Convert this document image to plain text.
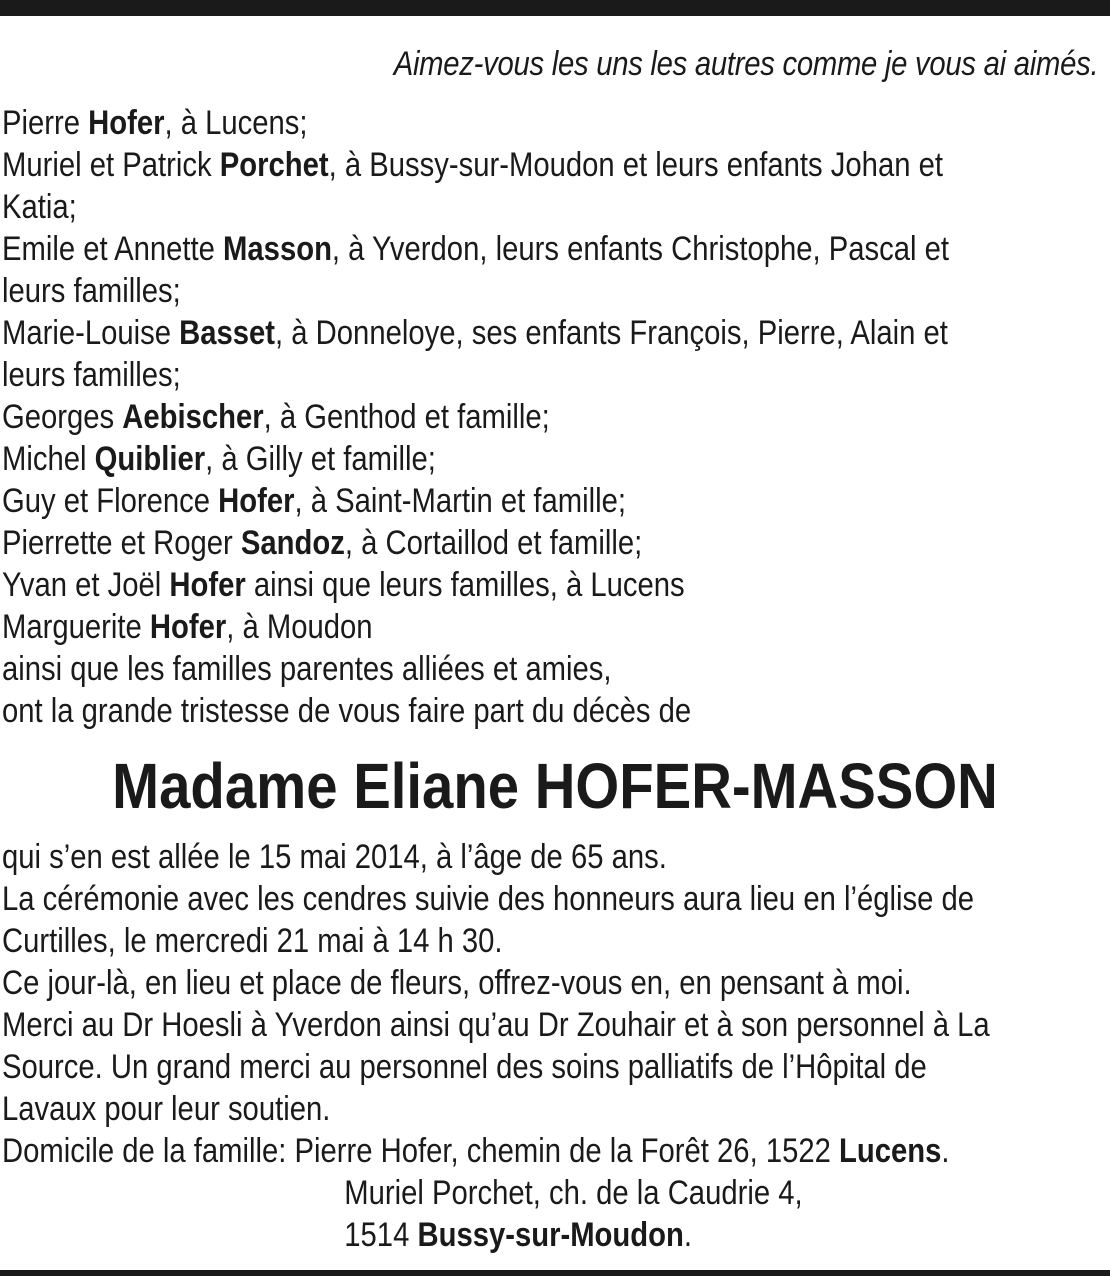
Aimez-vous les uns les autres comme je vous ai aimés.
Pierre Hofer, à Lucens;
Muriel et Patrick Porchet, à Bussy-sur-Moudon et leurs enfants Johan et
Katia;
Emile et Annette Masson, à Yverdon, leurs enfants Christophe, Pascal et
leurs familles;
Marie-Louise Basset, à Donneloye, ses enfants François, Pierre, Alain et
leurs familles;
Georges Aebischer, à Genthod et famille;
Michel Quiblier, à Gilly et famille;
Guy et Florence Hofer, à Saint-Martin et famille;
Pierrette et Roger Sandoz, à Cortaillod et famille;
Yvan et Joël Hofer ainsi que leurs familles, à Lucens
Marguerite Hofer, à Moudon
ainsi que les familles parentes alliées et amies,
ont la grande tristesse de vous faire part du décès de
Madame Eliane HOFER-MASSON
qui s’en est allée le 15 mai 2014, à l’âge de 65 ans.
La cérémonie avec les cendres suivie des honneurs aura lieu en l’église de
Curtilles, le mercredi 21 mai à 14 h 30.
Ce jour-là, en lieu et place de fleurs, offrez-vous en, en pensant à moi.
Merci au Dr Hoesli à Yverdon ainsi qu’au Dr Zouhair et à son personnel à La
Source. Un grand merci au personnel des soins palliatifs de l’Hôpital de
Lavaux pour leur soutien.
Domicile de la famille: Pierre Hofer, chemin de la Forêt 26, 1522 Lucens.
Muriel Porchet, ch. de la Caudrie 4,
1514 Bussy-sur-Moudon.
